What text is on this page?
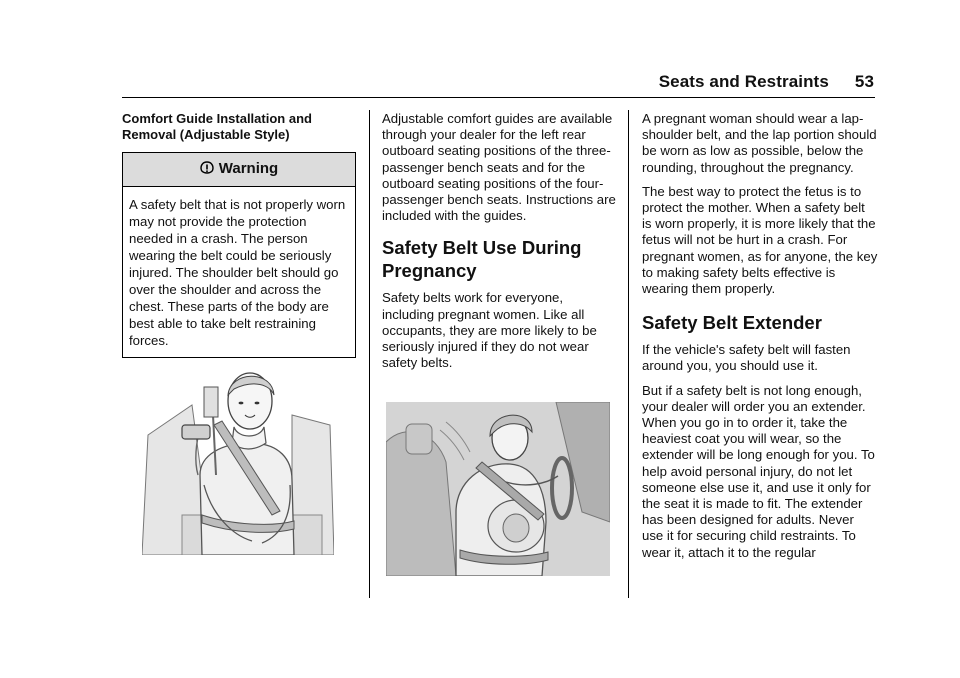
Seats and Restraints 53
Comfort Guide Installation and
Removal (Adjustable Style)
Warning
A safety belt that is not properly worn may not provide the protection needed in a crash. The person wearing the belt could be seriously injured. The shoulder belt should go over the shoulder and across the chest. These parts of the body are best able to take belt restraining forces.

Adjustable comfort guides are available through your dealer for the left rear outboard seating positions of the three-passenger bench seats and for the outboard seating positions of the four-passenger bench seats. Instructions are included with the guides.

Safety Belt Use During
Pregnancy

Safety belts work for everyone, including pregnant women. Like all occupants, they are more likely to be seriously injured if they do not wear safety belts.

A pregnant woman should wear a lap-shoulder belt, and the lap portion should be worn as low as possible, below the rounding, throughout the pregnancy.

The best way to protect the fetus is to protect the mother. When a safety belt is worn properly, it is more likely that the fetus will not be hurt in a crash. For pregnant women, as for anyone, the key to making safety belts effective is wearing them properly.

Safety Belt Extender

If the vehicle's safety belt will fasten around you, you should use it.

But if a safety belt is not long enough, your dealer will order you an extender. When you go in to order it, take the heaviest coat you will wear, so the extender will be long enough for you. To help avoid personal injury, do not let someone else use it, and use it only for the seat it is made to fit. The extender has been designed for adults. Never use it for securing child restraints. To wear it, attach it to the regular
